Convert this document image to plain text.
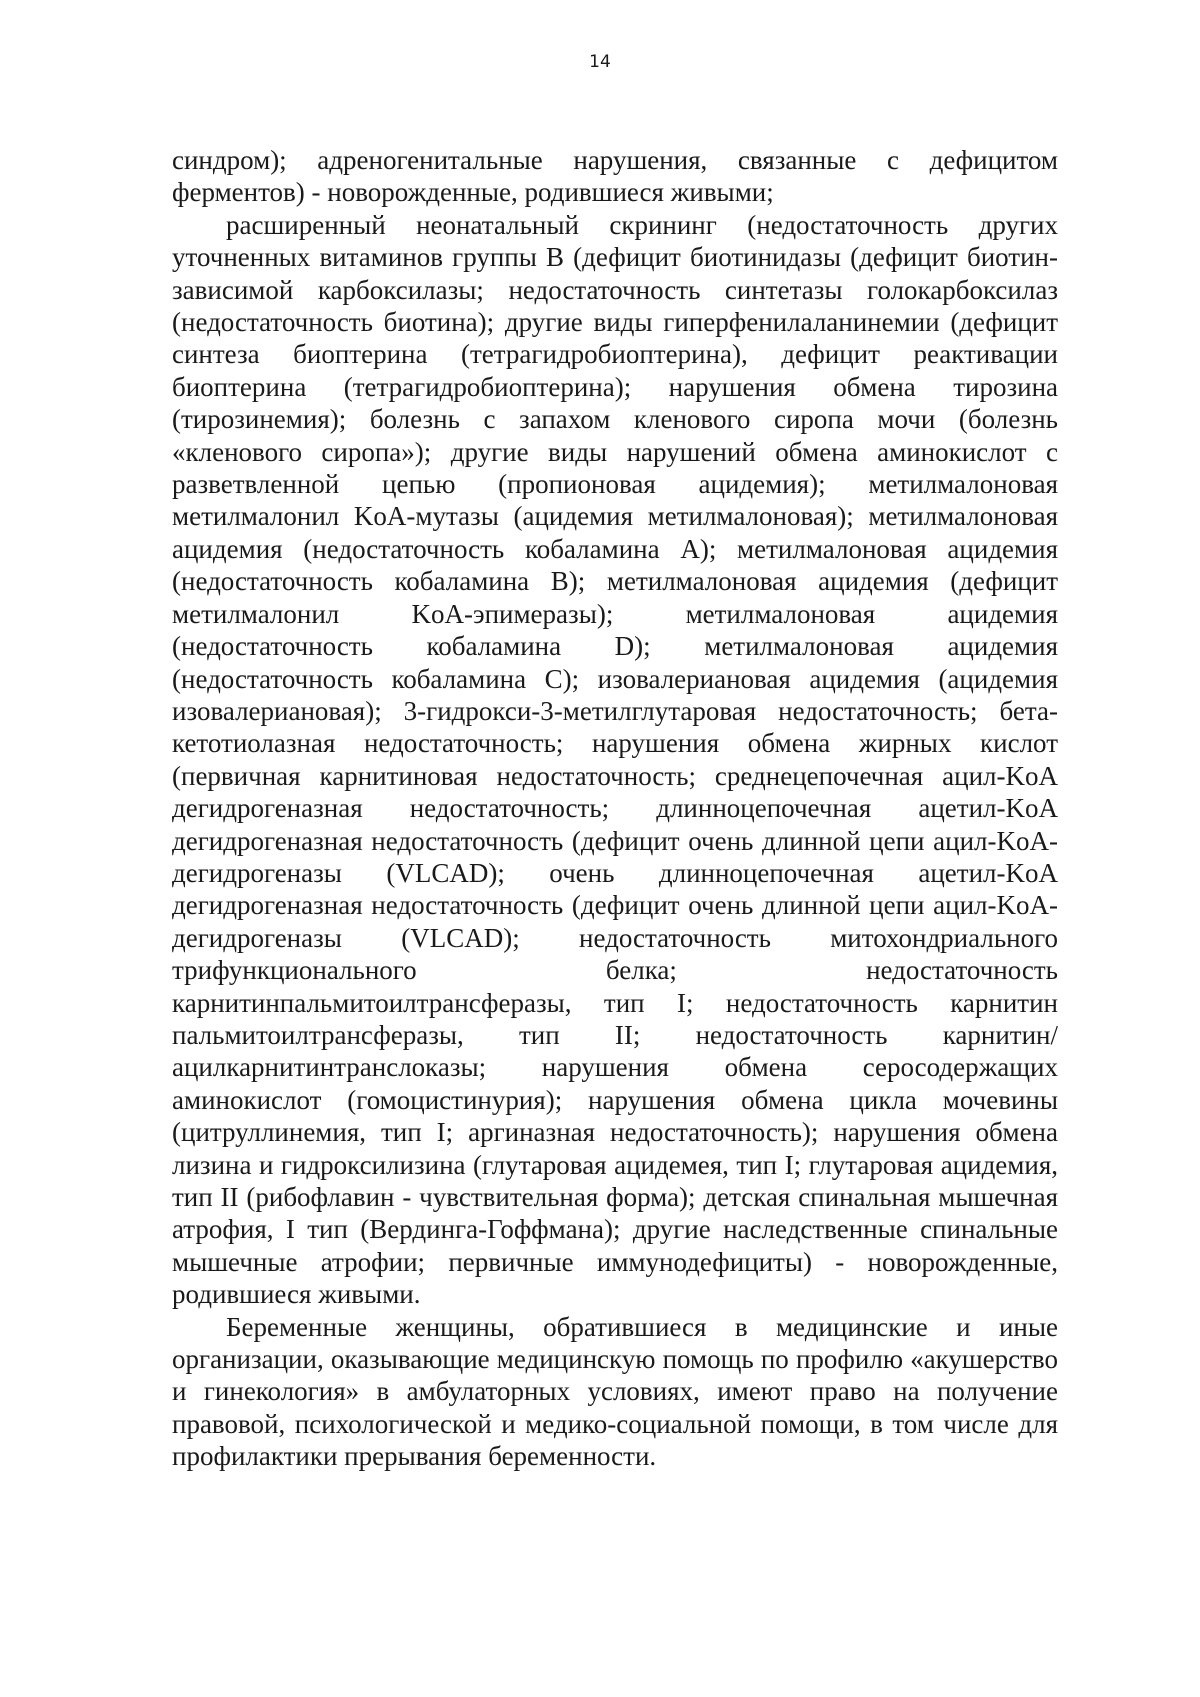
14

синдром); адреногенитальные нарушения, связанные с дефицитом ферментов) - новорожденные, родившиеся живыми;

расширенный неонатальный скрининг (недостаточность других уточненных витаминов группы B (дефицит биотинидазы (дефицит биотин-зависимой карбоксилазы; недостаточность синтетазы голокарбоксилаз (недостаточность биотина); другие виды гиперфенилаланинемии (дефицит синтеза биоптерина (тетрагидробиоптерина), дефицит реактивации биоптерина (тетрагидробиоптерина); нарушения обмена тирозина (тирозинемия); болезнь с запахом кленового сиропа мочи (болезнь «кленового сиропа»); другие виды нарушений обмена аминокислот с разветвленной цепью (пропионовая ацидемия); метилмалоновая метилмалонил KoA-мутазы (ацидемия метилмалоновая); метилмалоновая ацидемия (недостаточность кобаламина A); метилмалоновая ацидемия (недостаточность кобаламина B); метилмалоновая ацидемия (дефицит метилмалонил KoA-эпимеразы); метилмалоновая ацидемия (недостаточность кобаламина D); метилмалоновая ацидемия (недостаточность кобаламина C); изовалериановая ацидемия (ацидемия изовалериановая); 3-гидрокси-3-метилглутаровая недостаточность; бета-кетотиолазная недостаточность; нарушения обмена жирных кислот (первичная карнитиновая недостаточность; среднецепочечная ацил-KoA дегидрогеназная недостаточность; длинноцепочечная ацетил-KoA дегидрогеназная недостаточность (дефицит очень длинной цепи ацил-KoA-дегидрогеназы (VLCAD); очень длинноцепочечная ацетил-KoA дегидрогеназная недостаточность (дефицит очень длинной цепи ацил-KoA-дегидрогеназы (VLCAD); недостаточность митохондриального трифункционального белка; недостаточность карнитинпальмитоилтрансферазы, тип I; недостаточность карнитин пальмитоилтрансферазы, тип II; недостаточность карнитин/ацилкарнитинтранслоказы; нарушения обмена серосодержащих аминокислот (гомоцистинурия); нарушения обмена цикла мочевины (цитруллинемия, тип I; аргиназная недостаточность); нарушения обмена лизина и гидроксилизина (глутаровая ацидемея, тип I; глутаровая ацидемия, тип II (рибофлавин - чувствительная форма); детская спинальная мышечная атрофия, I тип (Вердинга-Гоффмана); другие наследственные спинальные мышечные атрофии; первичные иммунодефициты) - новорожденные, родившиеся живыми.

Беременные женщины, обратившиеся в медицинские и иные организации, оказывающие медицинскую помощь по профилю «акушерство и гинекология» в амбулаторных условиях, имеют право на получение правовой, психологической и медико-социальной помощи, в том числе для профилактики прерывания беременности.
